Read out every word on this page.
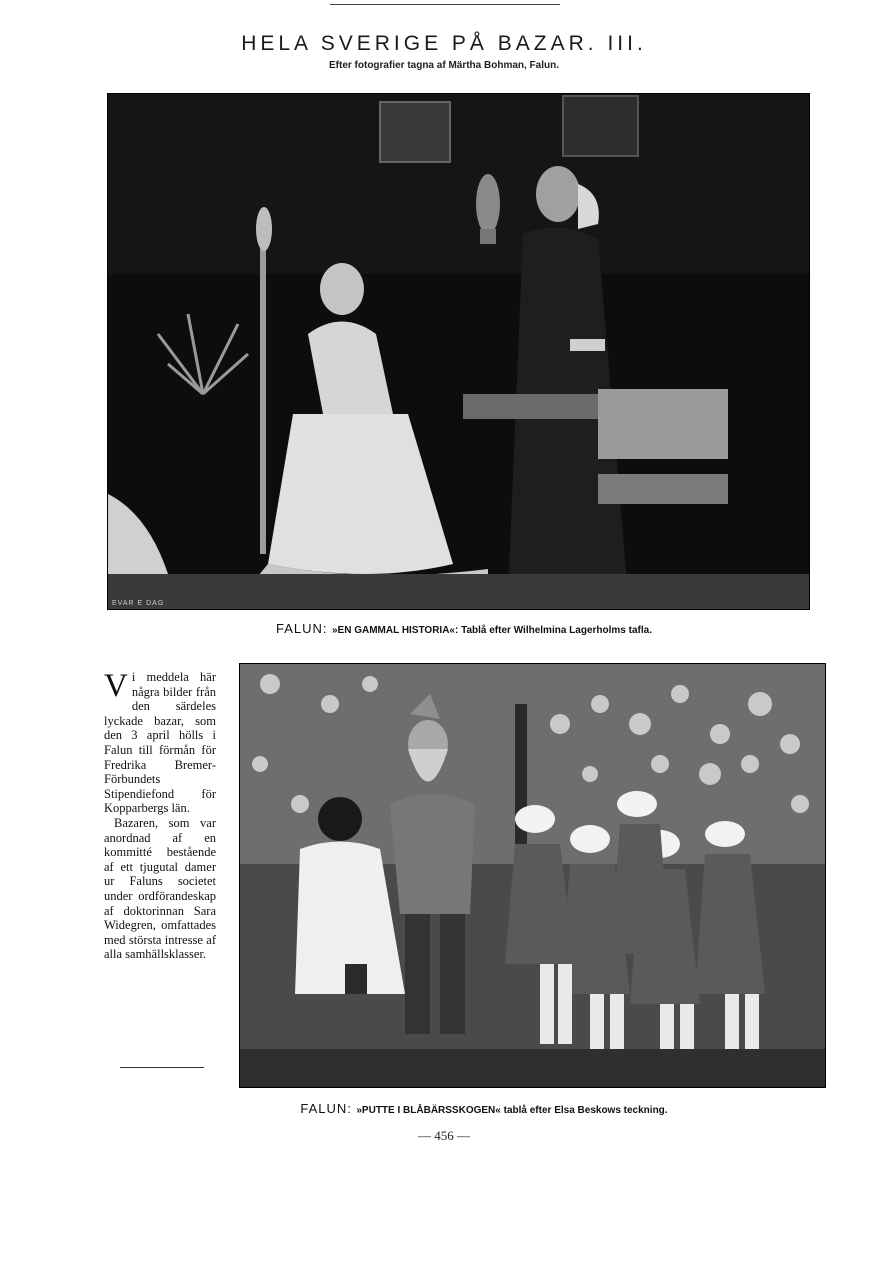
HELA SVERIGE PÅ BAZAR. III.
Efter fotografier tagna af Märtha Bohman, Falun.
EVAR E DAG
FALUN: »EN GAMMAL HISTORIA«: Tablå efter Wilhelmina Lagerholms tafla.
Vi meddela här några bilder från den särdeles lyckade bazar, som den 3 april hölls i Falun till förmån för Fredrika Bremer-Förbundets Stipendiefond för Kopparbergs län.
Bazaren, som var anordnad af en kommitté bestående af ett tjugutal damer ur Faluns societet under ordförandeskap af doktorinnan Sara Widegren, omfattades med största intresse af alla samhällsklasser.
FALUN: »PUTTE I BLÅBÄRSSKOGEN« tablå efter Elsa Beskows teckning.
— 456 —
